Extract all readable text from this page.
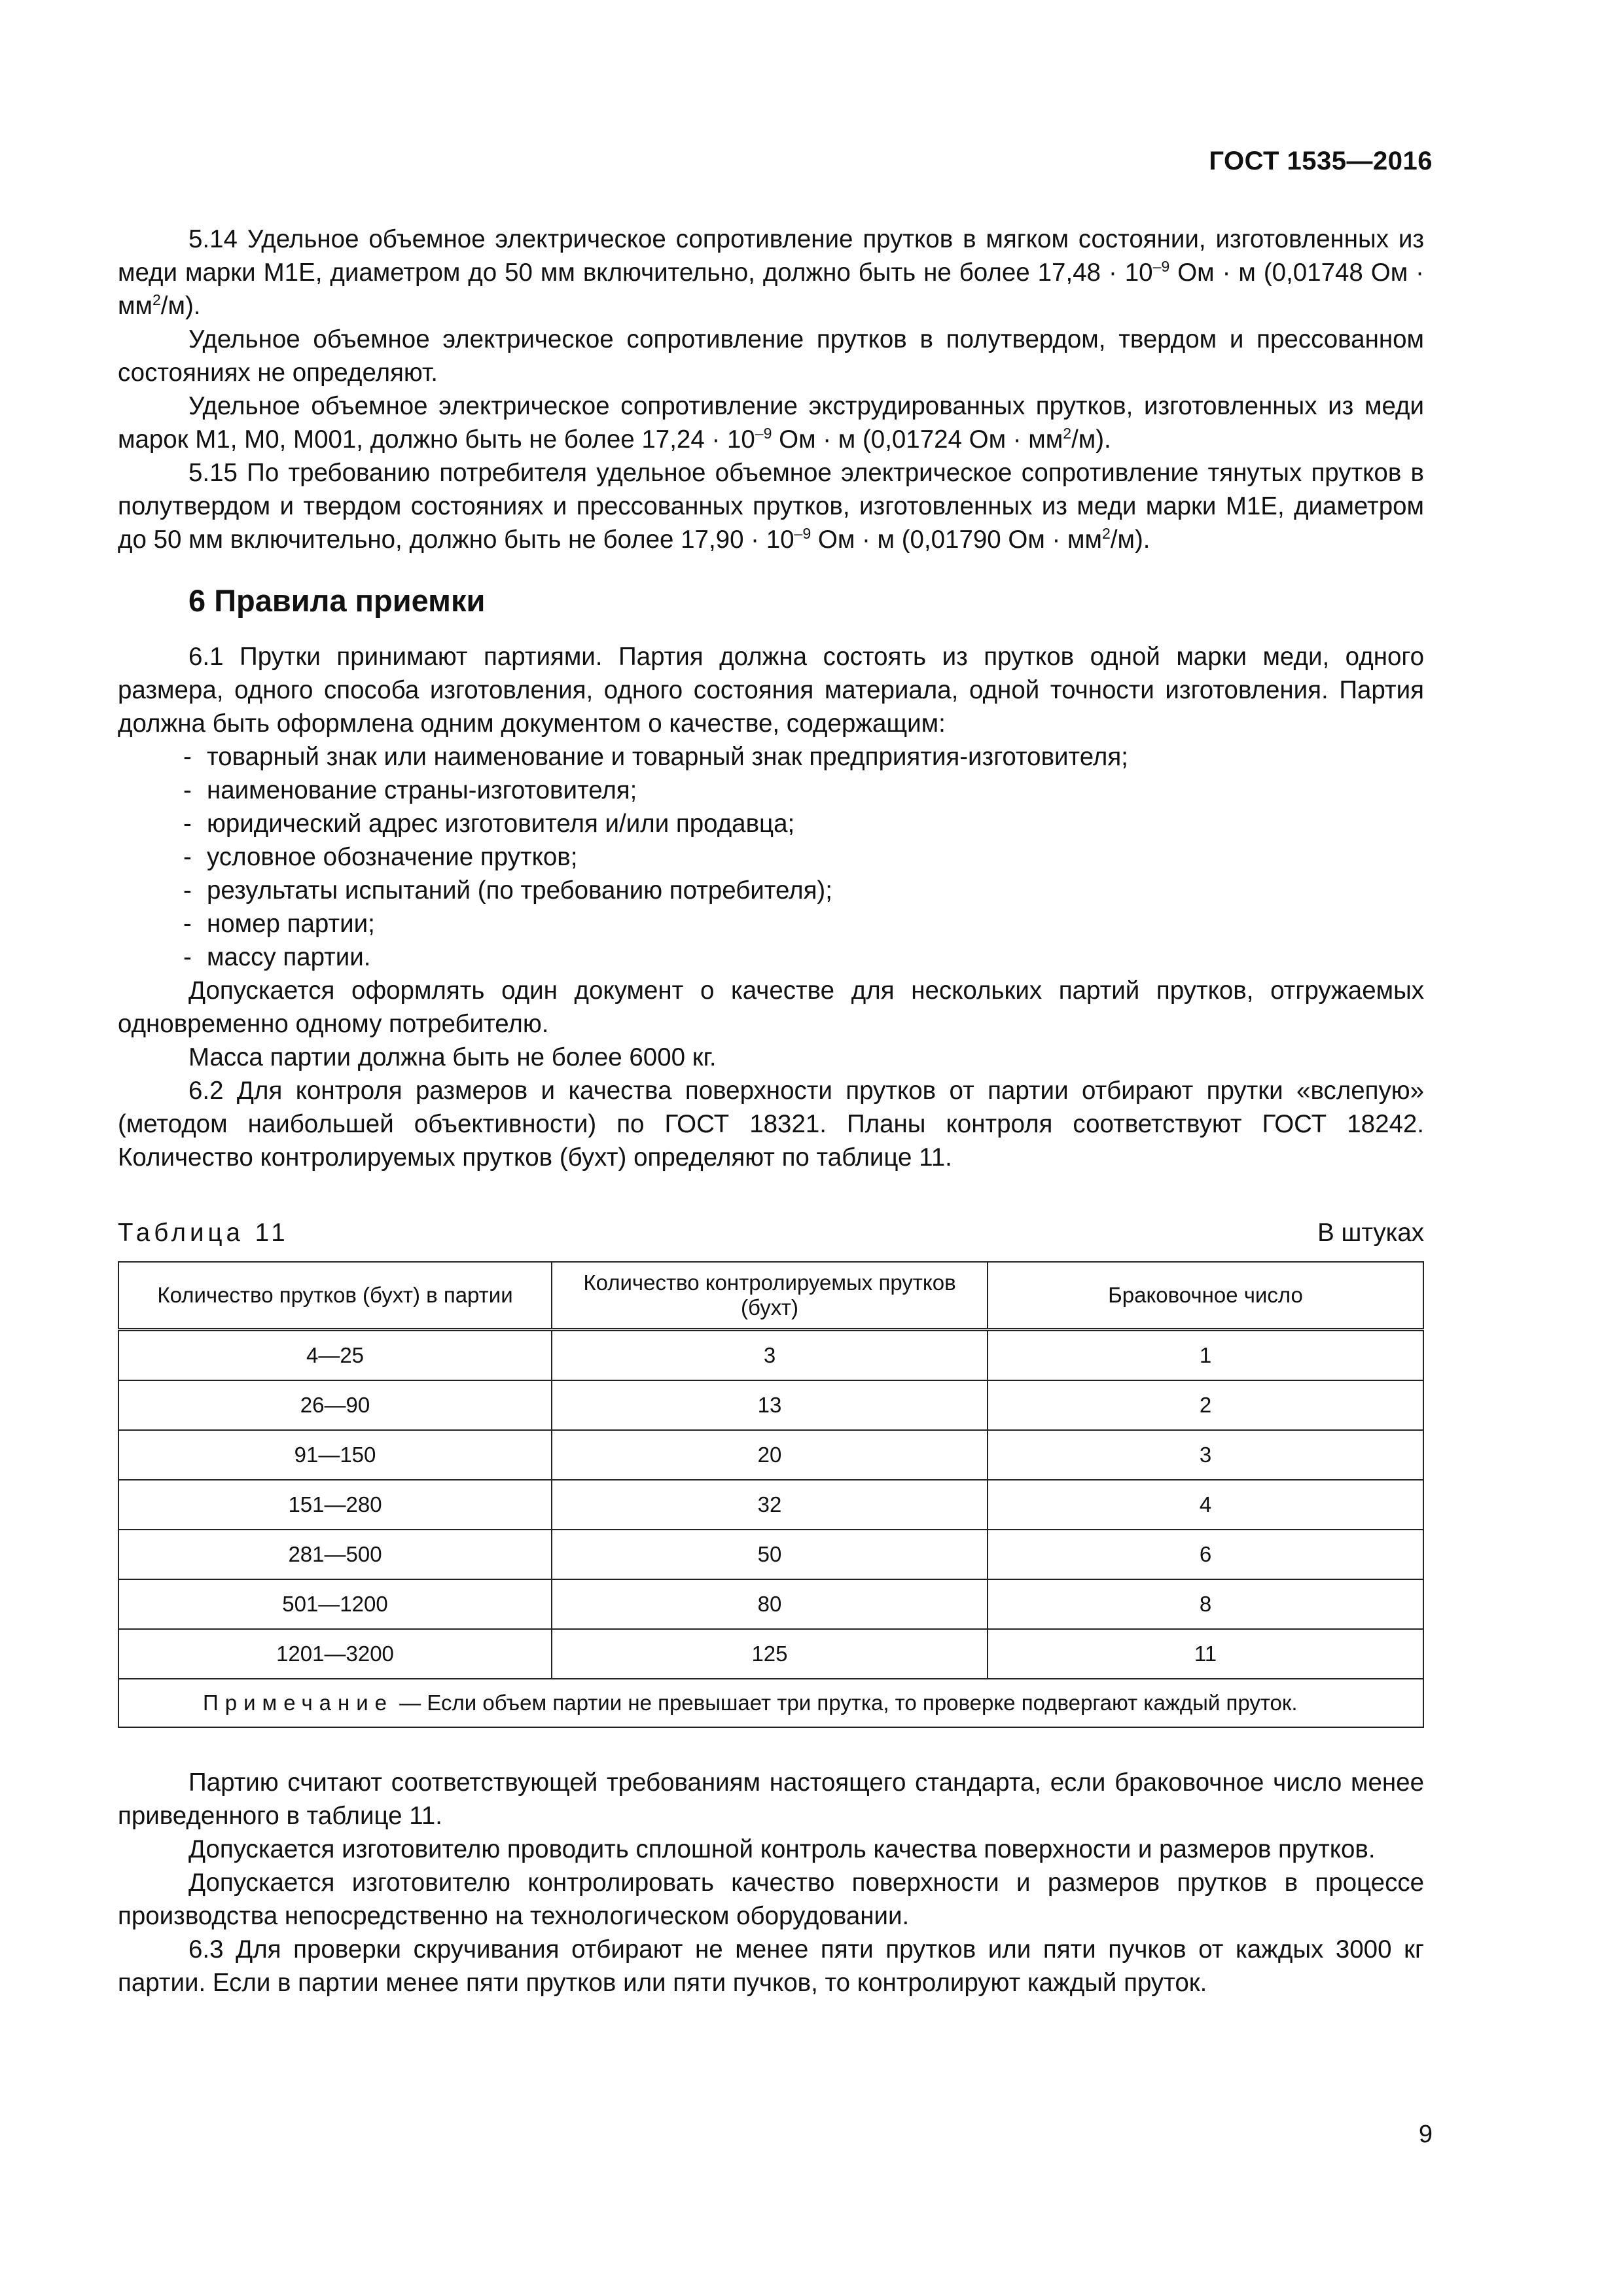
ГОСТ 1535—2016

5.14 Удельное объемное электрическое сопротивление прутков в мягком состоянии, изготовленных из меди марки М1Е, диаметром до 50 мм включительно, должно быть не более $17,48 \cdot 10^{-9}$ Ом · м (0,01748 Ом · $мм^2/м$).

Удельное объемное электрическое сопротивление прутков в полутвердом, твердом и прессованном состояниях не определяют.

Удельное объемное электрическое сопротивление экструдированных прутков, изготовленных из меди марок М1, М0, М001, должно быть не более $17,24 \cdot 10^{-9}$ Ом · м (0,01724 Ом · $мм^2/м$).

5.15 По требованию потребителя удельное объемное электрическое сопротивление тянутых прутков в полутвердом и твердом состояниях и прессованных прутков, изготовленных из меди марки М1Е, диаметром до 50 мм включительно, должно быть не более $17,90 \cdot 10^{-9}$ Ом · м (0,01790 Ом · $мм^2/м$).

6 Правила приемки

6.1 Прутки принимают партиями. Партия должна состоять из прутков одной марки меди, одного размера, одного способа изготовления, одного состояния материала, одной точности изготовления. Партия должна быть оформлена одним документом о качестве, содержащим:

- товарный знак или наименование и товарный знак предприятия-изготовителя;
- наименование страны-изготовителя;
- юридический адрес изготовителя и/или продавца;
- условное обозначение прутков;
- результаты испытаний (по требованию потребителя);
- номер партии;
- массу партии.

Допускается оформлять один документ о качестве для нескольких партий прутков, отгружаемых одновременно одному потребителю.

Масса партии должна быть не более 6000 кг.

6.2 Для контроля размеров и качества поверхности прутков от партии отбирают прутки «вслепую» (методом наибольшей объективности) по ГОСТ 18321. Планы контроля соответствуют ГОСТ 18242. Количество контролируемых прутков (бухт) определяют по таблице 11.

Таблица 11	В штуках
Количество прутков (бухт) в партии	Количество контролируемых прутков (бухт)	Браковочное число
4—25	3	1
26—90	13	2
91—150	20	3
151—280	32	4
281—500	50	6
501—1200	80	8
1201—3200	125	11
Примечание — Если объем партии не превышает три прутка, то проверке подвергают каждый пруток.		

Партию считают соответствующей требованиям настоящего стандарта, если браковочное число менее приведенного в таблице 11.

Допускается изготовителю проводить сплошной контроль качества поверхности и размеров прутков.

Допускается изготовителю контролировать качество поверхности и размеров прутков в процессе производства непосредственно на технологическом оборудовании.

6.3 Для проверки скручивания отбирают не менее пяти прутков или пяти пучков от каждых 3000 кг партии. Если в партии менее пяти прутков или пяти пучков, то контролируют каждый пруток.

9
